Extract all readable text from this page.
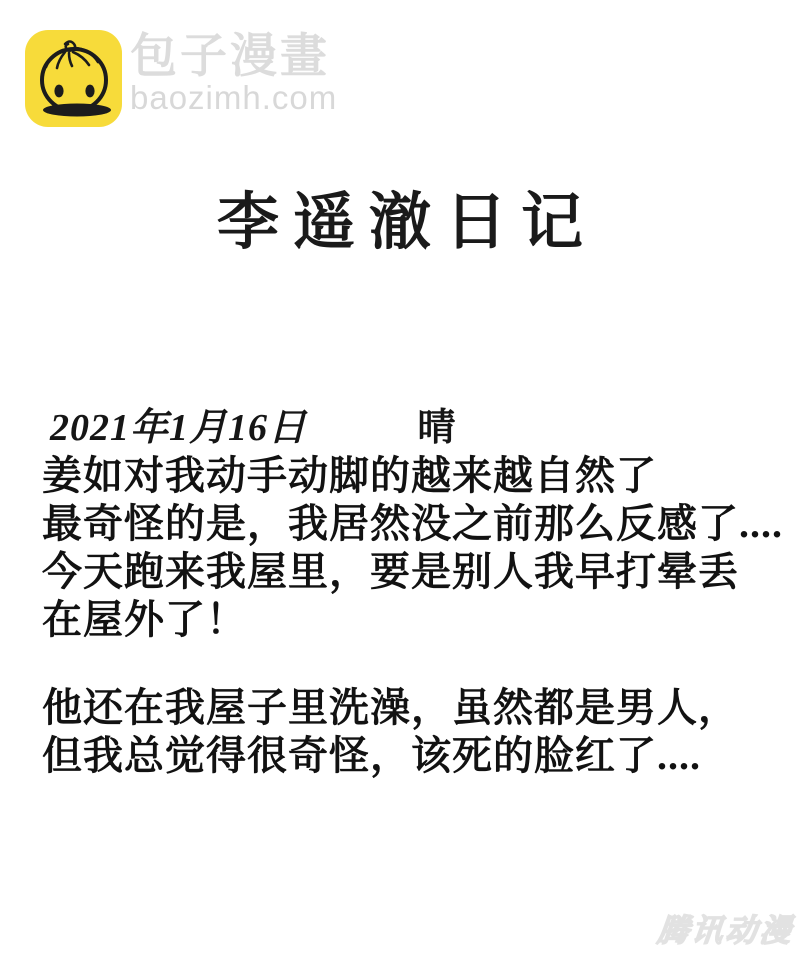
包子漫畫
baozimh.com
李遥澈日记
2021年1月16日	晴

姜如对我动手动脚的越来越自然了

最奇怪的是，我居然没之前那么反感了....

今天跑来我屋里，要是别人我早打晕丢

在屋外了！

他还在我屋子里洗澡，虽然都是男人，

但我总觉得很奇怪，该死的脸红了....

腾讯动漫
